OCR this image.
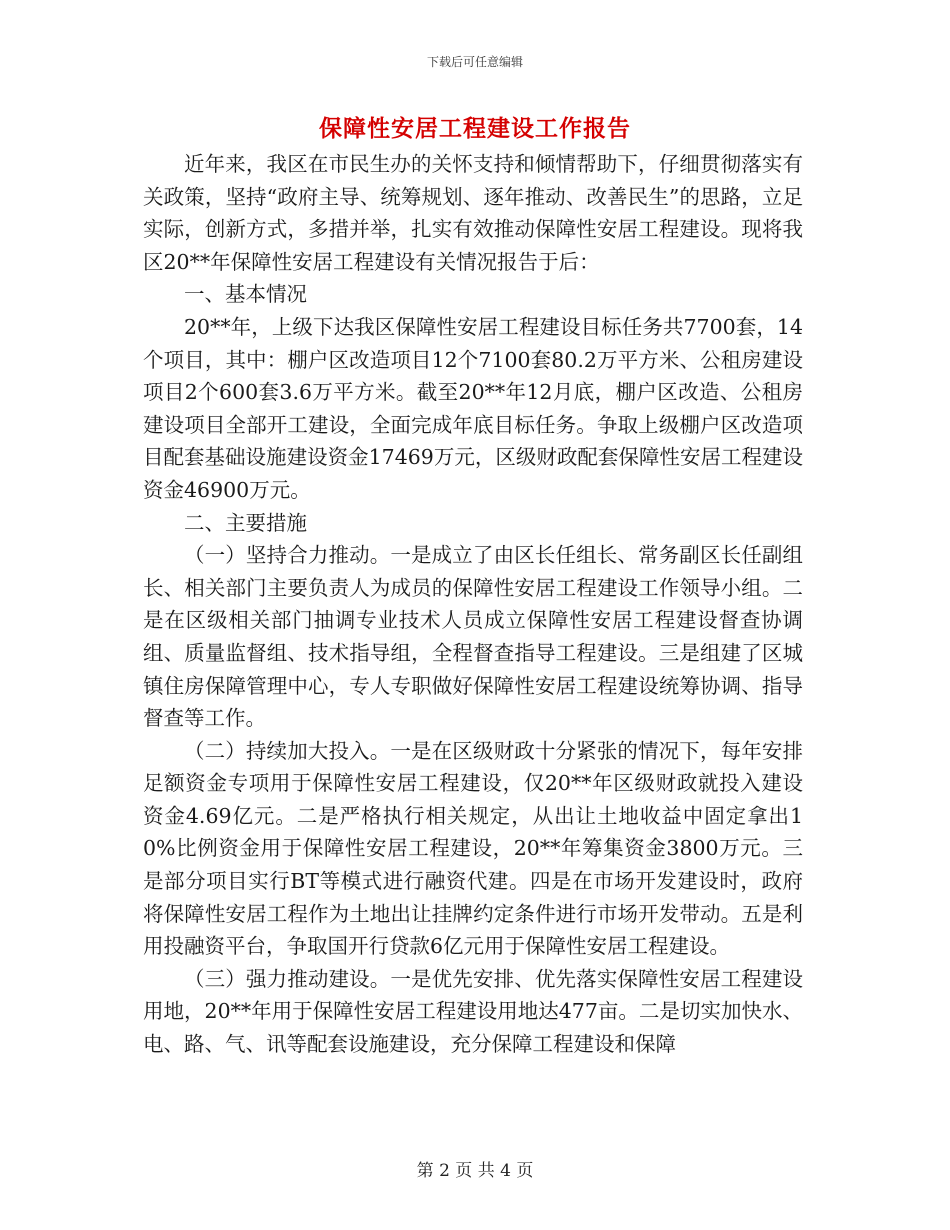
下载后可任意编辑
保障性安居工程建设工作报告

近年来，我区在市民生办的关怀支持和倾情帮助下，仔细贯彻落实有关政策，坚持“政府主导、统筹规划、逐年推动、改善民生”的思路，立足实际，创新方式，多措并举，扎实有效推动保障性安居工程建设。现将我区20**年保障性安居工程建设有关情况报告于后：

一、基本情况

20**年，上级下达我区保障性安居工程建设目标任务共7700套，14个项目，其中：棚户区改造项目12个7100套80.2万平方米、公租房建设项目2个600套3.6万平方米。截至20**年12月底，棚户区改造、公租房建设项目全部开工建设，全面完成年底目标任务。争取上级棚户区改造项目配套基础设施建设资金17469万元，区级财政配套保障性安居工程建设资金46900万元。

二、主要措施

（一）坚持合力推动。一是成立了由区长任组长、常务副区长任副组长、相关部门主要负责人为成员的保障性安居工程建设工作领导小组。二是在区级相关部门抽调专业技术人员成立保障性安居工程建设督查协调组、质量监督组、技术指导组，全程督查指导工程建设。三是组建了区城镇住房保障管理中心，专人专职做好保障性安居工程建设统筹协调、指导督查等工作。

（二）持续加大投入。一是在区级财政十分紧张的情况下，每年安排足额资金专项用于保障性安居工程建设，仅20**年区级财政就投入建设资金4.69亿元。二是严格执行相关规定，从出让土地收益中固定拿出10%比例资金用于保障性安居工程建设，20**年筹集资金3800万元。三是部分项目实行BT等模式进行融资代建。四是在市场开发建设时，政府将保障性安居工程作为土地出让挂牌约定条件进行市场开发带动。五是利用投融资平台，争取国开行贷款6亿元用于保障性安居工程建设。

（三）强力推动建设。一是优先安排、优先落实保障性安居工程建设用地，20**年用于保障性安居工程建设用地达477亩。二是切实加快水、电、路、气、讯等配套设施建设，充分保障工程建设和保障

第 2 页 共 4 页
